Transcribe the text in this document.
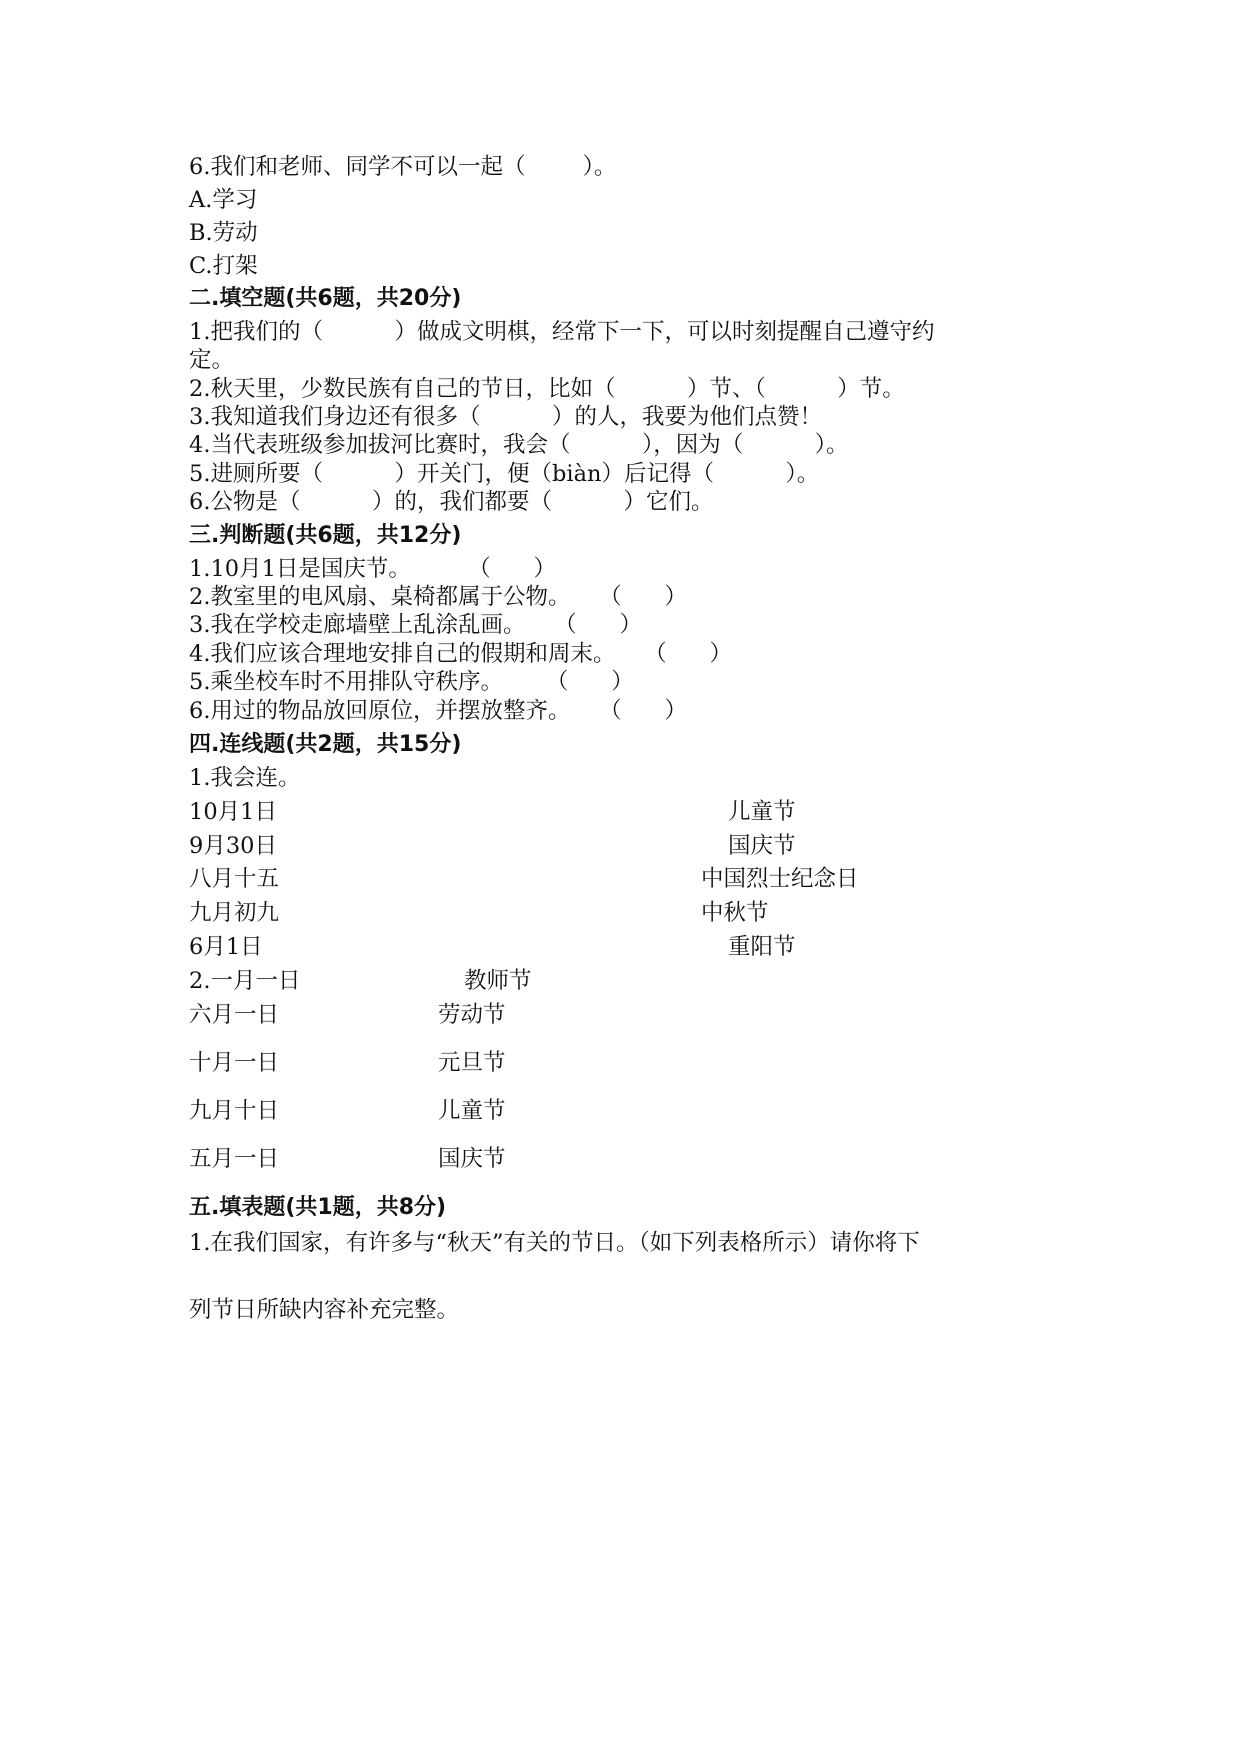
6.我们和老师、同学不可以一起（        ）。
A.学习
B.劳动
C.打架
二.填空题(共6题，共20分)
1.把我们的（          ）做成文明棋，经常下一下，可以时刻提醒自己遵守约
定。
2.秋天里，少数民族有自己的节日，比如（          ）节、（          ）节。
3.我知道我们身边还有很多（          ）的人，我要为他们点赞！
4.当代表班级参加拔河比赛时，我会（          ），因为（          ）。
5.进厕所要（          ）开关门，便（biàn）后记得（          ）。
6.公物是（          ）的，我们都要（          ）它们。
三.判断题(共6题，共12分)
1.10月1日是国庆节。        （      ）
2.教室里的电风扇、桌椅都属于公物。    （      ）
3.我在学校走廊墙壁上乱涂乱画。    （      ）
4.我们应该合理地安排自己的假期和周末。    （      ）
5.乘坐校车时不用排队守秩序。      （      ）
6.用过的物品放回原位，并摆放整齐。    （      ）
四.连线题(共2题，共15分)
1.我会连。
10月1日
9月30日
八月十五
九月初九
6月1日
儿童节
国庆节
中国烈士纪念日
中秋节
重阳节
2.一月一日
六月一日
十月一日
九月十日
五月一日
教师节
劳动节
元旦节
儿童节
国庆节
五.填表题(共1题，共8分)
1.在我们国家，有许多与“秋天”有关的节日。（如下列表格所示）请你将下
列节日所缺内容补充完整。
